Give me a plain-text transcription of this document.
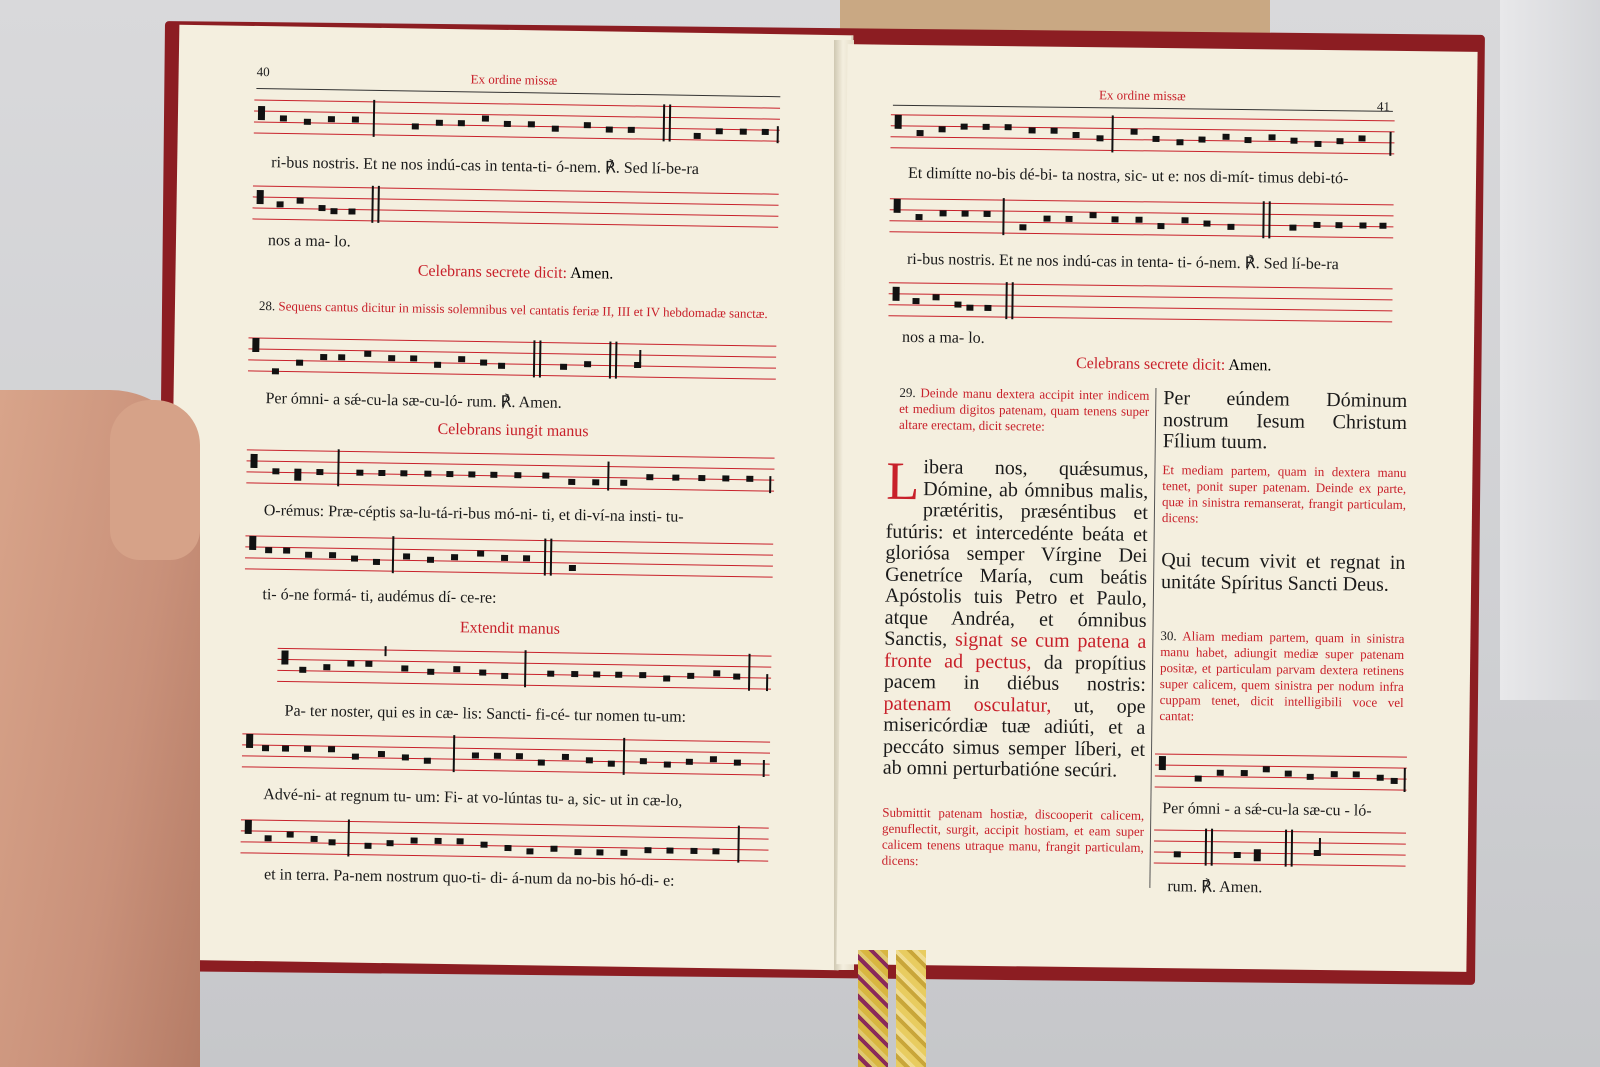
40	Ex ordine missæ
ri-bus nostris. Et ne nos indú-cas in tenta-ti- ó-nem. ℟. Sed lí-be-ra
nos a ma- lo.
Celebrans secrete dicit: Amen.
28. Sequens cantus dicitur in missis solemnibus vel cantatis feriæ II, III et IV hebdomadæ sanctæ.
Per ómni- a sǽ-cu-la sæ-cu-ló- rum. ℟. Amen.
Celebrans iungit manus
O-rémus: Præ-céptis sa-lu-tá-ri-bus mó-ni- ti, et di-ví-na insti- tu-
ti- ó-ne formá- ti, audémus dí- ce-re:
Extendit manus
Pa- ter noster, qui es in cæ- lis: Sancti- fi-cé- tur nomen tu-um:
Advé-ni- at regnum tu- um: Fi- at vo-lúntas tu- a, sic- ut in cæ-lo,
et in terra. Pa-nem nostrum quo-ti- di- á-num da no-bis hó-di- e:
Ex ordine missæ
41
Et dimítte no-bis dé-bi- ta nostra, sic- ut e: nos di-mít- timus debi-tó-
ri-bus nostris. Et ne nos indú-cas in tenta- ti- ó-nem. ℟. Sed lí-be-ra
nos a ma- lo.
Celebrans secrete dicit: Amen.
29. Deinde manu dextera accipit inter indicem et medium digitos patenam, quam tenens super altare erectam, dicit secrete:
Libera nos, quǽsumus, Dómine, ab ómnibus malis, prætéritis, præséntibus et futúris: et intercedénte beáta et gloriósa semper Vírgine Dei Genetríce María, cum beátis Apóstolis tuis Petro et Paulo, atque Andréa, et ómnibus Sanctis, signat se cum patena a fronte ad pectus, da propítius pacem in diébus nostris: patenam osculatur, ut, ope misericórdiæ tuæ adiúti, et a peccáto simus semper líberi, et ab omni perturbatióne secúri.
Submittit patenam hostiæ, discooperit calicem, genuflectit, surgit, accipit hostiam, et eam super calicem tenens utraque manu, frangit particulam, dicens:
Per eúndem Dóminum nostrum Iesum Christum Fílium tuum.
Et mediam partem, quam in dextera manu tenet, ponit super patenam. Deinde ex parte, quæ in sinistra remanserat, frangit particulam, dicens:
Qui tecum vivit et regnat in unitáte Spíritus Sancti Deus.
30. Aliam mediam partem, quam in sinistra manu habet, adiungit mediæ super patenam positæ, et particulam parvam dextera retinens super calicem, quem sinistra per nodum infra cuppam tenet, dicit intelligibili voce vel cantat:
Per ómni - a sǽ-cu-la sæ-cu - ló-
rum. ℟. Amen.
